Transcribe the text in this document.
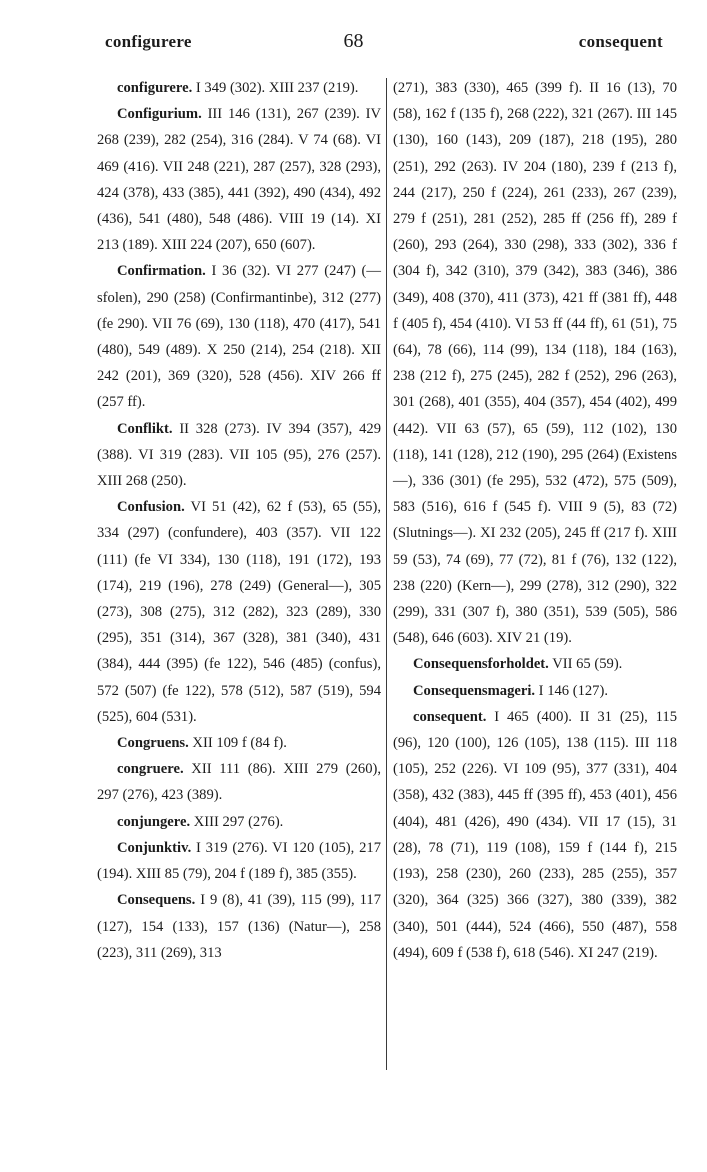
configurere	68	consequent

configurere. I 349 (302). XIII 237 (219).

Configurium. III 146 (131), 267 (239). IV 268 (239), 282 (254), 316 (284). V 74 (68). VI 469 (416). VII 248 (221), 287 (257), 328 (293), 424 (378), 433 (385), 441 (392), 490 (434), 492 (436), 541 (480), 548 (486). VIII 19 (14). XI 213 (189). XIII 224 (207), 650 (607).

Confirmation. I 36 (32). VI 277 (247) (—sfolen), 290 (258) (Confirmantinbe), 312 (277) (fe 290). VII 76 (69), 130 (118), 470 (417), 541 (480), 549 (489). X 250 (214), 254 (218). XII 242 (201), 369 (320), 528 (456). XIV 266 ff (257 ff).

Conflikt. II 328 (273). IV 394 (357), 429 (388). VI 319 (283). VII 105 (95), 276 (257). XIII 268 (250).

Confusion. VI 51 (42), 62 f (53), 65 (55), 334 (297) (confundere), 403 (357). VII 122 (111) (fe VI 334), 130 (118), 191 (172), 193 (174), 219 (196), 278 (249) (General—), 305 (273), 308 (275), 312 (282), 323 (289), 330 (295), 351 (314), 367 (328), 381 (340), 431 (384), 444 (395) (fe 122), 546 (485) (confus), 572 (507) (fe 122), 578 (512), 587 (519), 594 (525), 604 (531).

Congruens. XII 109 f (84 f).

congruere. XII 111 (86). XIII 279 (260), 297 (276), 423 (389).

conjungere. XIII 297 (276).

Conjunktiv. I 319 (276). VI 120 (105), 217 (194). XIII 85 (79), 204 f (189 f), 385 (355).

Consequens. I 9 (8), 41 (39), 115 (99), 117 (127), 154 (133), 157 (136) (Natur—), 258 (223), 311 (269), 313

(271), 383 (330), 465 (399 f). II 16 (13), 70 (58), 162 f (135 f), 268 (222), 321 (267). III 145 (130), 160 (143), 209 (187), 218 (195), 280 (251), 292 (263). IV 204 (180), 239 f (213 f), 244 (217), 250 f (224), 261 (233), 267 (239), 279 f (251), 281 (252), 285 ff (256 ff), 289 f (260), 293 (264), 330 (298), 333 (302), 336 f (304 f), 342 (310), 379 (342), 383 (346), 386 (349), 408 (370), 411 (373), 421 ff (381 ff), 448 f (405 f), 454 (410). VI 53 ff (44 ff), 61 (51), 75 (64), 78 (66), 114 (99), 134 (118), 184 (163), 238 (212 f), 275 (245), 282 f (252), 296 (263), 301 (268), 401 (355), 404 (357), 454 (402), 499 (442). VII 63 (57), 65 (59), 112 (102), 130 (118), 141 (128), 212 (190), 295 (264) (Existens—), 336 (301) (fe 295), 532 (472), 575 (509), 583 (516), 616 f (545 f). VIII 9 (5), 83 (72) (Slutnings—). XI 232 (205), 245 ff (217 f). XIII 59 (53), 74 (69), 77 (72), 81 f (76), 132 (122), 238 (220) (Kern—), 299 (278), 312 (290), 322 (299), 331 (307 f), 380 (351), 539 (505), 586 (548), 646 (603). XIV 21 (19).

Consequensforholdet. VII 65 (59).

Consequensmageri. I 146 (127).

consequent. I 465 (400). II 31 (25), 115 (96), 120 (100), 126 (105), 138 (115). III 118 (105), 252 (226). VI 109 (95), 377 (331), 404 (358), 432 (383), 445 ff (395 ff), 453 (401), 456 (404), 481 (426), 490 (434). VII 17 (15), 31 (28), 78 (71), 119 (108), 159 f (144 f), 215 (193), 258 (230), 260 (233), 285 (255), 357 (320), 364 (325) 366 (327), 380 (339), 382 (340), 501 (444), 524 (466), 550 (487), 558 (494), 609 f (538 f), 618 (546). XI 247 (219).
